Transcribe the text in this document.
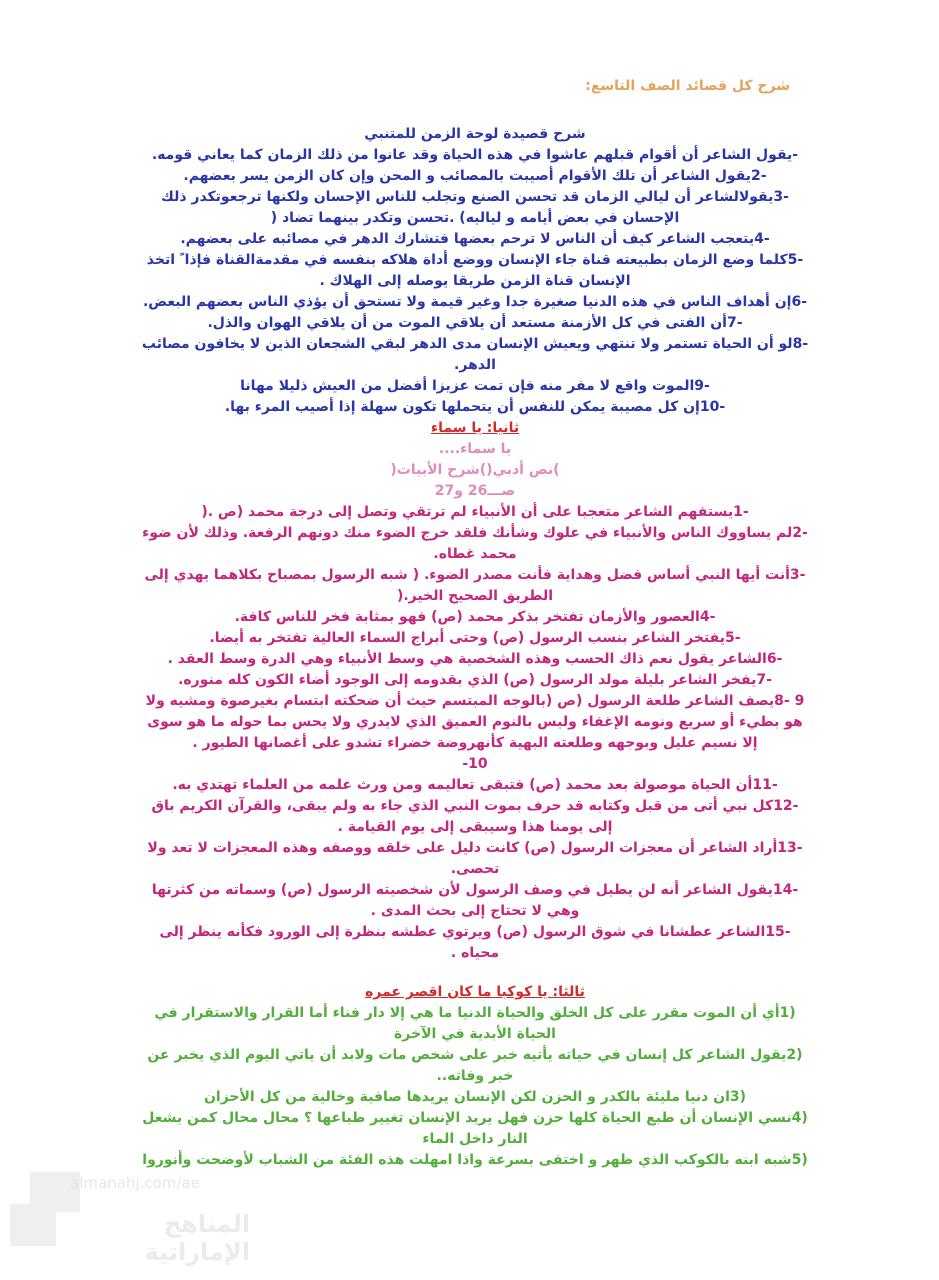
شرح كل قصائد الصف التاسع:

شرح قصيدة لوحة الزمن للمتنبي

-يقول الشاعر أن أقوام قبلهم عاشوا في هذه الحياة وقد عانوا من ذلك الزمان كما يعاني قومه.

-2يقول الشاعر أن تلك الأقوام أصيبت بالمصائب و المحن وإن كان الزمن يسر بعضهم.

-3يقولالشاعر أن ليالي الزمان قد تحسن الصنع وتجلب للناس الإحسان ولكنها ترجعوتكدر ذلك الإحسان في بعض أيامه و لياليه) .تحسن وتكدر بينهما تضاد (

-4يتعجب الشاعر كيف أن الناس لا ترحم بعضها فتشارك الدهر في مصائبه على بعضهم.

-5كلما وضع الزمان بطبيعته قناة جاء الإنسان ووضع أداة هلاكه بنفسه في مقدمةالقناة فإذا ً اتخذ الإنسان قناة الزمن طريقا يوصله إلى الهلاك .

-6إن أهداف الناس في هذه الدنيا صغيرة جدا وغير قيمة ولا تستحق أن يؤذي الناس بعضهم البعض.

-7أن الفتى في كل الأزمنة مستعد أن يلاقي الموت من أن يلاقي الهوان والذل.

-8لو أن الحياة تستمر ولا تنتهي ويعيش الإنسان مدى الدهر لبقي الشجعان الذين لا يخافون مصائب الدهر.

-9الموت واقع لا مفر منه فإن تمت عزيزا أفضل من العيش ذليلا مهانا

-10إن كل مصيبة يمكن للنفس أن يتحملها تكون سهلة إذا أصيب المرء بها.

ثانيا: يا سماء

يا سماء....

)نص أدبي()شرح الأبيات(

صـــ26 و27

-1يستفهم الشاعر متعجبا على أن الأنبياء لم ترتقي وتصل إلى درجة محمد (ص .(

-2لم يساووك الناس والأنبياء في علوك وشأنك فلقد خرج الضوء منك دونهم الرفعة. وذلك لأن ضوء محمد غطاه.

-3أنت أيها النبي أساس فضل وهداية فأنت مصدر الضوء. ( شبه الرسول بمصباح بكلاهما يهدي إلى الطريق الصحيح الخير.(

-4العصور والأزمان تفتخر بذكر محمد (ص) فهو بمثابة فخر للناس كافة.

-5يفتخر الشاعر بنسب الرسول (ص) وحتى أبراج السماء العالية تفتخر به أيضا.

-6الشاعر يقول نعم ذاك الحسب وهذه الشخصية هي وسط الأنبياء وهي الدرة وسط العقد .

-7يفخر الشاعر بليلة مولد الرسول (ص) الذي بقدومه إلى الوجود أضاء الكون كله منوره.

9 -8يصف الشاعر طلعة الرسول (ص (بالوجه المبتسم حيث أن ضحكته ابتسام بغيرصوة ومشيه ولا هو بطيء أو سريع ونومه الإغفاء وليس بالنوم العميق الذي لايدري ولا يحس بما حوله ما هو سوى إلا نسيم عليل وبوجهه وطلعته البهية كأنهروضة خضراء تشدو على أغصانها الطيور .

10-

-11أن الحياة موصولة بعد محمد (ص) فتبقى تعاليمه ومن ورث علمه من العلماء تهتدي به.

-12كل نبي أتى من قبل وكتابه قد حرف بموت النبي الذي جاء به ولم يبقى، والقرآن الكريم باق إلى يومنا هذا وسيبقى إلى يوم القيامة .

-13أراد الشاعر أن معجزات الرسول (ص) كانت دليل على خلقه ووصفه وهذه المعجزات لا تعد ولا تحصى.

-14يقول الشاعر أنه لن يطيل في وصف الرسول لأن شخصيته الرسول (ص) وسماته من كثرتها وهي لا تحتاج إلى بحث المدى .

-15الشاعر عطشانا في شوق الرسول (ص) ويرتوي عطشه بنظرة إلى الورود فكأنه ينظر إلى محياه .

ثالثا: يا كوكبا ما كان اقصر عمره

(1أي أن الموت مقرر على كل الخلق والحياة الدنيا ما هي إلا دار فناء أما القرار والاستقرار في الحياة الأبدية في الآخرة

(2يقول الشاعر كل إنسان في حياته يأتيه خبر على شخص مات ولابد أن ياتي اليوم الذي يخبر عن خبر وفاته..

(3ان دنيا مليئة بالكدر و الحزن لكن الإنسان يريدها صافية وخالية من كل الأحزان

(4نسي الإنسان أن طبع الحياة كلها حزن فهل يريد الإنسان تغيير طباعها ؟ محال محال كمن يشعل النار داخل الماء

(5شبه ابنه بالكوكب الذي ظهر و اختفى بسرعة واذا امهلت هذه الفئة من الشباب لأوضحت وأنوروا

almanahj.com/ae
المناهج الإماراتية
